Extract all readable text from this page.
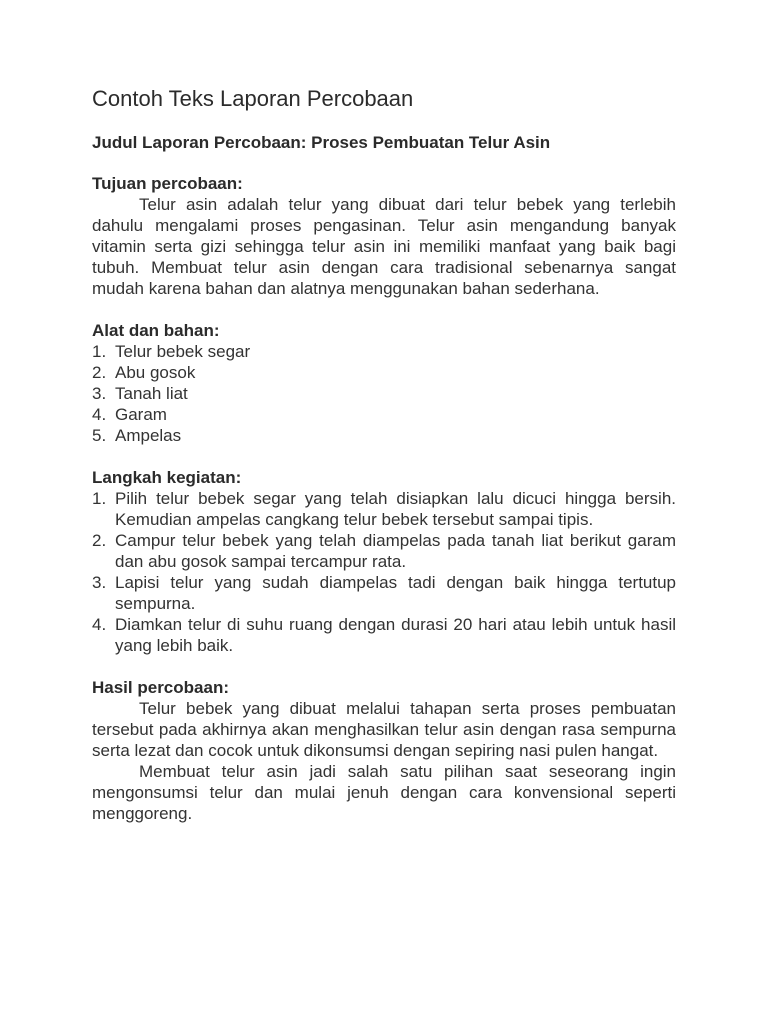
Contoh Teks Laporan Percobaan
Judul Laporan Percobaan: Proses Pembuatan Telur Asin

Tujuan percobaan:

Telur asin adalah telur yang dibuat dari telur bebek yang terlebih dahulu mengalami proses pengasinan. Telur asin mengandung banyak vitamin serta gizi sehingga telur asin ini memiliki manfaat yang baik bagi tubuh. Membuat telur asin dengan cara tradisional sebenarnya sangat mudah karena bahan dan alatnya menggunakan bahan sederhana.

Alat dan bahan:

1. Telur bebek segar
2. Abu gosok
3. Tanah liat
4. Garam
5. Ampelas

Langkah kegiatan:

1. Pilih telur bebek segar yang telah disiapkan lalu dicuci hingga bersih. Kemudian ampelas cangkang telur bebek tersebut sampai tipis.
2. Campur telur bebek yang telah diampelas pada tanah liat berikut garam dan abu gosok sampai tercampur rata.
3. Lapisi telur yang sudah diampelas tadi dengan baik hingga tertutup sempurna.
4. Diamkan telur di suhu ruang dengan durasi 20 hari atau lebih untuk hasil yang lebih baik.

Hasil percobaan:

Telur bebek yang dibuat melalui tahapan serta proses pembuatan tersebut pada akhirnya akan menghasilkan telur asin dengan rasa sempurna serta lezat dan cocok untuk dikonsumsi dengan sepiring nasi pulen hangat.

Membuat telur asin jadi salah satu pilihan saat seseorang ingin mengonsumsi telur dan mulai jenuh dengan cara konvensional seperti menggoreng.
